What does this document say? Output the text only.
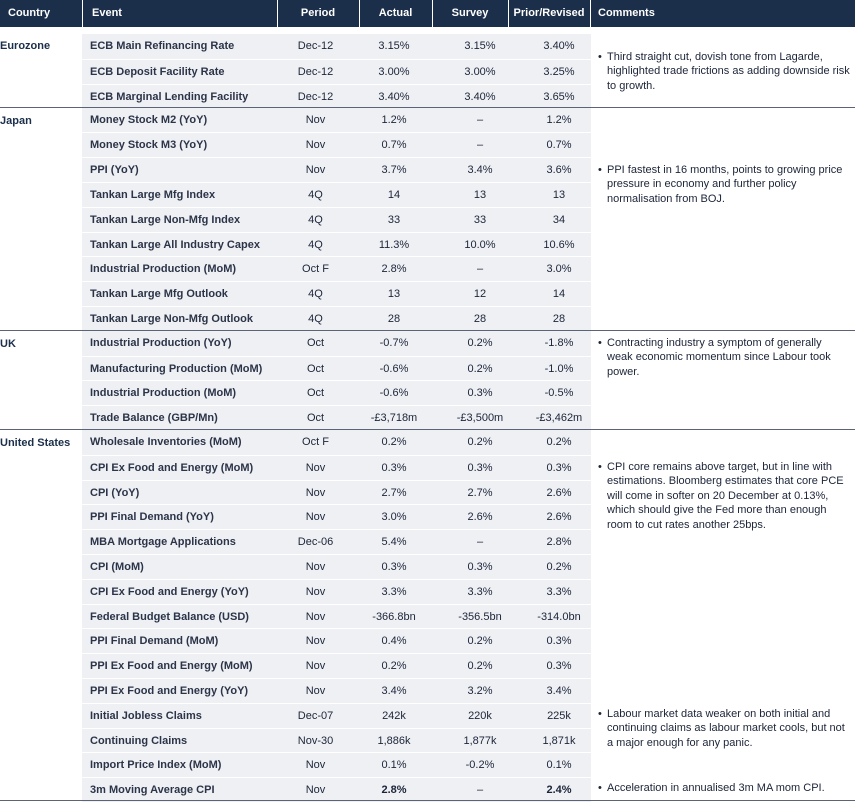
Country	Event	Period	Actual	Survey	Prior/Revised	Comments
Eurozone	ECB Main Refinancing Rate	Dec-12	3.15%	3.15%	3.40%
ECB Deposit Facility Rate	Dec-12	3.00%	3.00%	3.25%
ECB Marginal Lending Facility	Dec-12	3.40%	3.40%	3.65%
• Third straight cut, dovish tone from Lagarde, highlighted trade frictions as adding downside risk to growth.
Japan	Money Stock M2 (YoY)	Nov	1.2%	–	1.2%
Money Stock M3 (YoY)	Nov	0.7%	–	0.7%
PPI (YoY)	Nov	3.7%	3.4%	3.6%
Tankan Large Mfg Index	4Q	14	13	13
Tankan Large Non-Mfg Index	4Q	33	33	34
Tankan Large All Industry Capex	4Q	11.3%	10.0%	10.6%
Industrial Production (MoM)	Oct F	2.8%	–	3.0%
Tankan Large Mfg Outlook	4Q	13	12	14
Tankan Large Non-Mfg Outlook	4Q	28	28	28
• PPI fastest in 16 months, points to growing price pressure in economy and further policy normalisation from BOJ.
UK	Industrial Production (YoY)	Oct	-0.7%	0.2%	-1.8%
Manufacturing Production (MoM)	Oct	-0.6%	0.2%	-1.0%
Industrial Production (MoM)	Oct	-0.6%	0.3%	-0.5%
Trade Balance (GBP/Mn)	Oct	-£3,718m	-£3,500m	-£3,462m
• Contracting industry a symptom of generally weak economic momentum since Labour took power.
United States	Wholesale Inventories (MoM)	Oct F	0.2%	0.2%	0.2%
CPI Ex Food and Energy (MoM)	Nov	0.3%	0.3%	0.3%
CPI (YoY)	Nov	2.7%	2.7%	2.6%
PPI Final Demand (YoY)	Nov	3.0%	2.6%	2.6%
MBA Mortgage Applications	Dec-06	5.4%	–	2.8%
CPI (MoM)	Nov	0.3%	0.3%	0.2%
CPI Ex Food and Energy (YoY)	Nov	3.3%	3.3%	3.3%
Federal Budget Balance (USD)	Nov	-366.8bn	-356.5bn	-314.0bn
PPI Final Demand (MoM)	Nov	0.4%	0.2%	0.3%
PPI Ex Food and Energy (MoM)	Nov	0.2%	0.2%	0.3%
PPI Ex Food and Energy (YoY)	Nov	3.4%	3.2%	3.4%
Initial Jobless Claims	Dec-07	242k	220k	225k
Continuing Claims	Nov-30	1,886k	1,877k	1,871k
Import Price Index (MoM)	Nov	0.1%	-0.2%	0.1%
3m Moving Average CPI	Nov	2.8%	–	2.4%
• CPI core remains above target, but in line with estimations. Bloomberg estimates that core PCE will come in softer on 20 December at 0.13%, which should give the Fed more than enough room to cut rates another 25bps.
• Labour market data weaker on both initial and continuing claims as labour market cools, but not a major enough for any panic.
• Acceleration in annualised 3m MA mom CPI.
